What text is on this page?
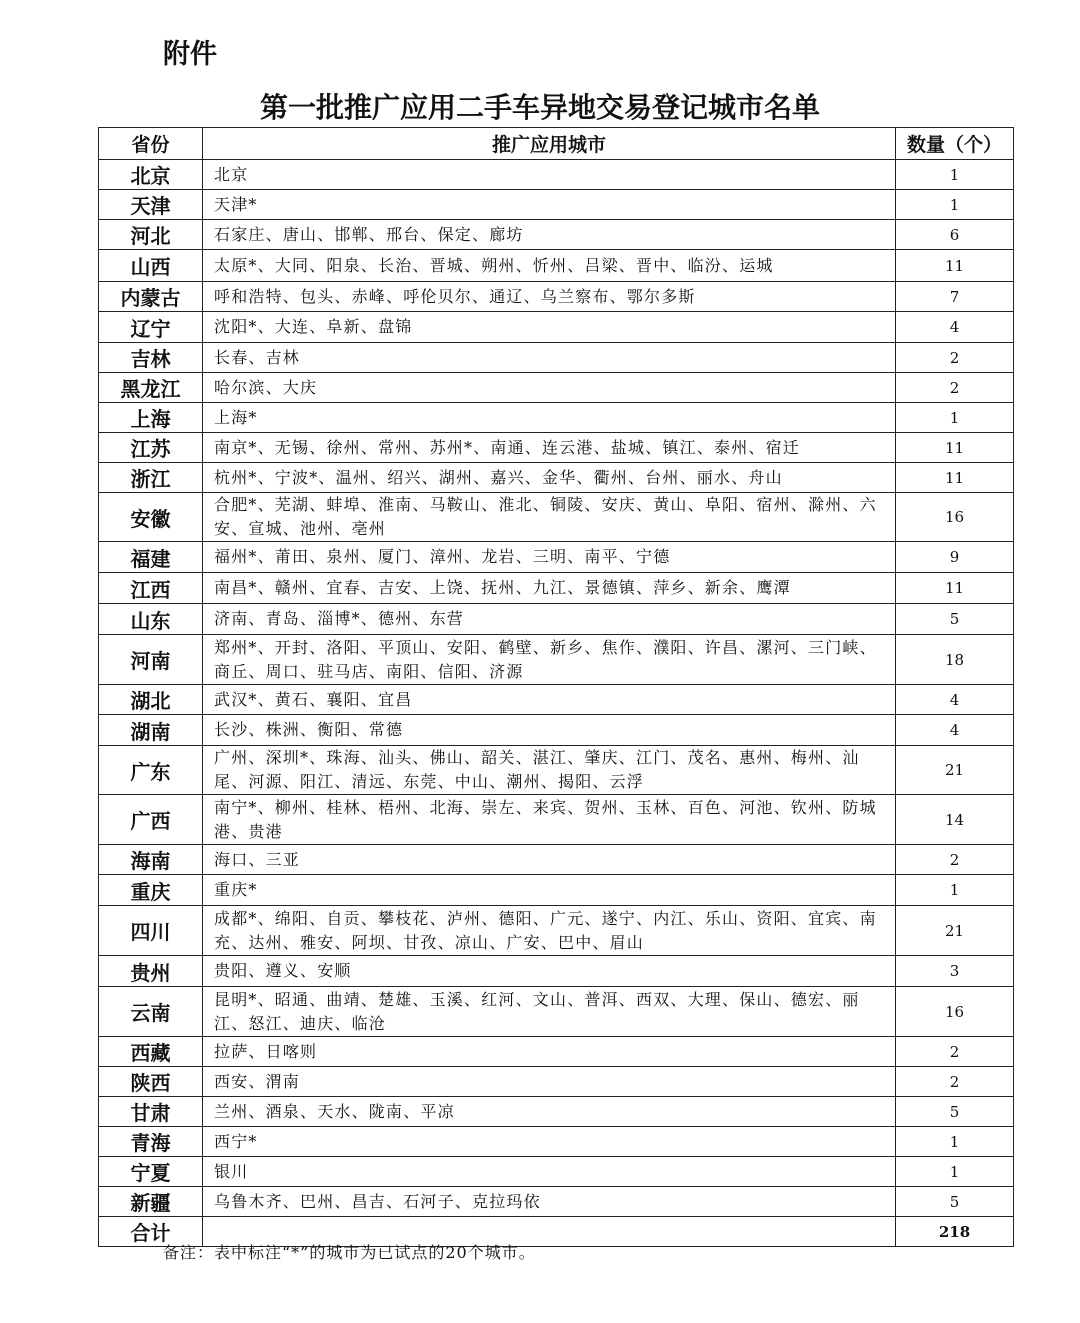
附件
第一批推广应用二手车异地交易登记城市名单
省份	推广应用城市	数量（个）
北京	北京	1
天津	天津*	1
河北	石家庄、唐山、邯郸、邢台、保定、廊坊	6
山西	太原*、大同、阳泉、长治、晋城、朔州、忻州、吕梁、晋中、临汾、运城	11
内蒙古	呼和浩特、包头、赤峰、呼伦贝尔、通辽、乌兰察布、鄂尔多斯	7
辽宁	沈阳*、大连、阜新、盘锦	4
吉林	长春、吉林	2
黑龙江	哈尔滨、大庆	2
上海	上海*	1
江苏	南京*、无锡、徐州、常州、苏州*、南通、连云港、盐城、镇江、泰州、宿迁	11
浙江	杭州*、宁波*、温州、绍兴、湖州、嘉兴、金华、衢州、台州、丽水、舟山	11
安徽	合肥*、芜湖、蚌埠、淮南、马鞍山、淮北、铜陵、安庆、黄山、阜阳、宿州、滁州、六安、宣城、池州、亳州	16
福建	福州*、莆田、泉州、厦门、漳州、龙岩、三明、南平、宁德	9
江西	南昌*、赣州、宜春、吉安、上饶、抚州、九江、景德镇、萍乡、新余、鹰潭	11
山东	济南、青岛、淄博*、德州、东营	5
河南	郑州*、开封、洛阳、平顶山、安阳、鹤壁、新乡、焦作、濮阳、许昌、漯河、三门峡、商丘、周口、驻马店、南阳、信阳、济源	18
湖北	武汉*、黄石、襄阳、宜昌	4
湖南	长沙、株洲、衡阳、常德	4
广东	广州、深圳*、珠海、汕头、佛山、韶关、湛江、肇庆、江门、茂名、惠州、梅州、汕尾、河源、阳江、清远、东莞、中山、潮州、揭阳、云浮	21
广西	南宁*、柳州、桂林、梧州、北海、崇左、来宾、贺州、玉林、百色、河池、钦州、防城港、贵港	14
海南	海口、三亚	2
重庆	重庆*	1
四川	成都*、绵阳、自贡、攀枝花、泸州、德阳、广元、遂宁、内江、乐山、资阳、宜宾、南充、达州、雅安、阿坝、甘孜、凉山、广安、巴中、眉山	21
贵州	贵阳、遵义、安顺	3
云南	昆明*、昭通、曲靖、楚雄、玉溪、红河、文山、普洱、西双、大理、保山、德宏、丽江、怒江、迪庆、临沧	16
西藏	拉萨、日喀则	2
陕西	西安、渭南	2
甘肃	兰州、酒泉、天水、陇南、平凉	5
青海	西宁*	1
宁夏	银川	1
新疆	乌鲁木齐、巴州、昌吉、石河子、克拉玛依	5
合计		218
备注：表中标注“*”的城市为已试点的20个城市。
